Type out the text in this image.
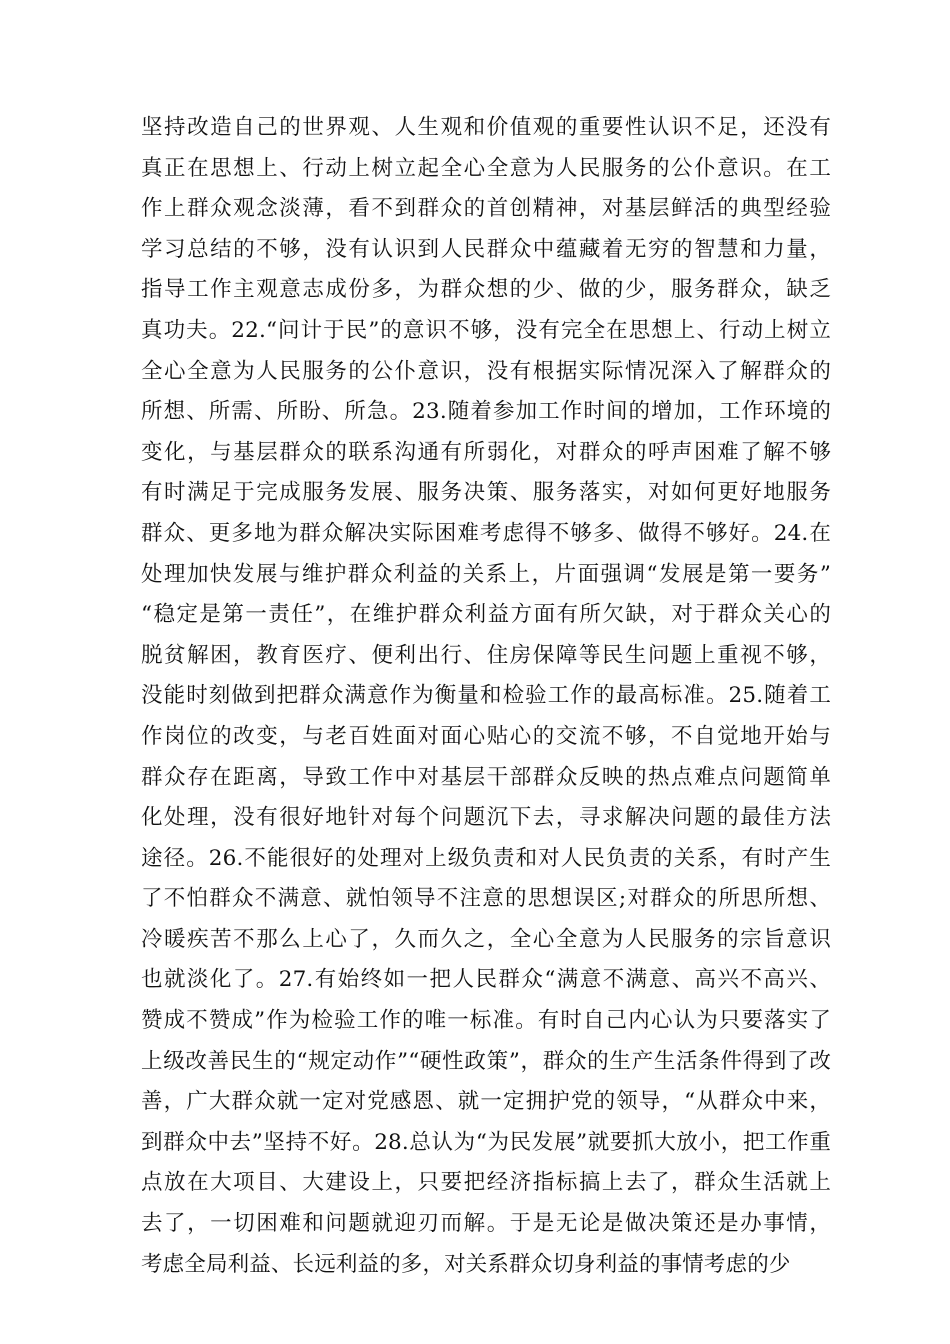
坚持改造自己的世界观、人生观和价值观的重要性认识不足，还没有
真正在思想上、行动上树立起全心全意为人民服务的公仆意识。在工
作上群众观念淡薄，看不到群众的首创精神，对基层鲜活的典型经验
学习总结的不够，没有认识到人民群众中蕴藏着无穷的智慧和力量，
指导工作主观意志成份多，为群众想的少、做的少，服务群众，缺乏
真功夫。22.“问计于民”的意识不够，没有完全在思想上、行动上树立
全心全意为人民服务的公仆意识，没有根据实际情况深入了解群众的
所想、所需、所盼、所急。23.随着参加工作时间的增加，工作环境的
变化，与基层群众的联系沟通有所弱化，对群众的呼声困难了解不够
有时满足于完成服务发展、服务决策、服务落实，对如何更好地服务
群众、更多地为群众解决实际困难考虑得不够多、做得不够好。24.在
处理加快发展与维护群众利益的关系上，片面强调“发展是第一要务”
“稳定是第一责任”，在维护群众利益方面有所欠缺，对于群众关心的
脱贫解困，教育医疗、便利出行、住房保障等民生问题上重视不够，
没能时刻做到把群众满意作为衡量和检验工作的最高标准。25.随着工
作岗位的改变，与老百姓面对面心贴心的交流不够，不自觉地开始与
群众存在距离，导致工作中对基层干部群众反映的热点难点问题简单
化处理，没有很好地针对每个问题沉下去，寻求解决问题的最佳方法
途径。26.不能很好的处理对上级负责和对人民负责的关系，有时产生
了不怕群众不满意、就怕领导不注意的思想误区;对群众的所思所想、
冷暖疾苦不那么上心了，久而久之，全心全意为人民服务的宗旨意识
也就淡化了。27.有始终如一把人民群众“满意不满意、高兴不高兴、
赞成不赞成”作为检验工作的唯一标准。有时自己内心认为只要落实了
上级改善民生的“规定动作”“硬性政策”，群众的生产生活条件得到了改
善，广大群众就一定对党感恩、就一定拥护党的领导，“从群众中来，
到群众中去”坚持不好。28.总认为“为民发展”就要抓大放小，把工作重
点放在大项目、大建设上，只要把经济指标搞上去了，群众生活就上
去了，一切困难和问题就迎刃而解。于是无论是做决策还是办事情，
考虑全局利益、长远利益的多，对关系群众切身利益的事情考虑的少
